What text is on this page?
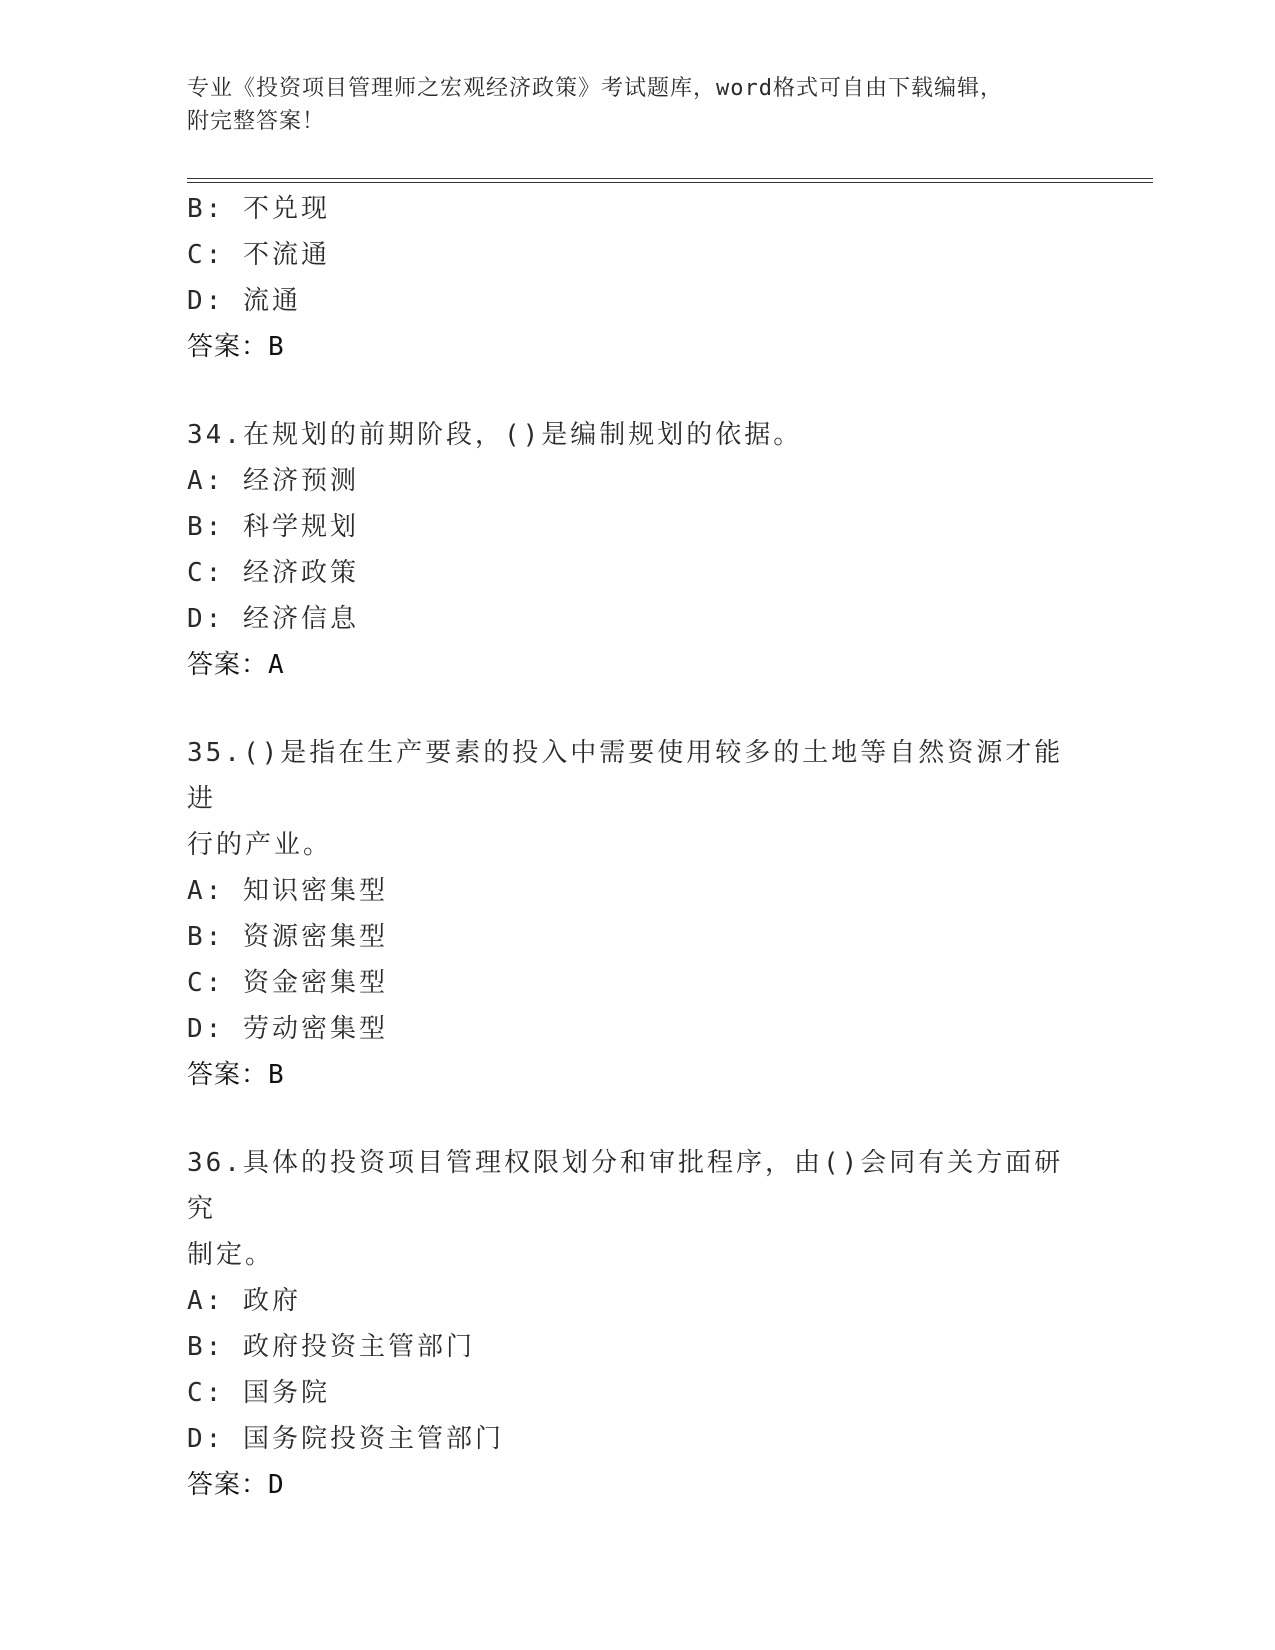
专业《投资项目管理师之宏观经济政策》考试题库，word格式可自由下载编辑，
附完整答案！
B: 不兑现
C: 不流通
D: 流通
答案：B
34.在规划的前期阶段，()是编制规划的依据。
A: 经济预测
B: 科学规划
C: 经济政策
D: 经济信息
答案：A
35.()是指在生产要素的投入中需要使用较多的土地等自然资源才能进
行的产业。
A: 知识密集型
B: 资源密集型
C: 资金密集型
D: 劳动密集型
答案：B
36.具体的投资项目管理权限划分和审批程序，由()会同有关方面研究
制定。
A: 政府
B: 政府投资主管部门
C: 国务院
D: 国务院投资主管部门
答案：D
